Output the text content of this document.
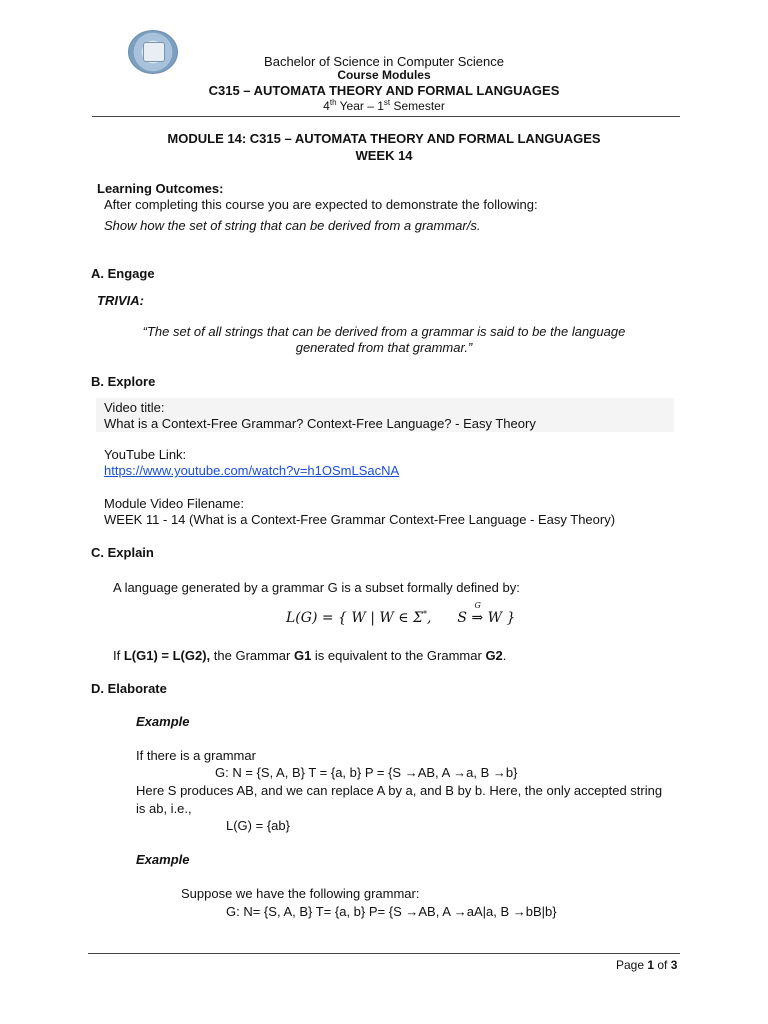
Bachelor of Science in Computer Science
Course Modules
C315 – AUTOMATA THEORY AND FORMAL LANGUAGES
4th Year – 1st Semester
MODULE 14: C315 – AUTOMATA THEORY AND FORMAL LANGUAGES
WEEK 14
Learning Outcomes:
After completing this course you are expected to demonstrate the following:
Show how the set of string that can be derived from a grammar/s.
A. Engage
TRIVIA:
“The set of all strings that can be derived from a grammar is said to be the language
generated from that grammar.”
B. Explore
Video title:
What is a Context-Free Grammar? Context-Free Language? - Easy Theory
YouTube Link:
https://www.youtube.com/watch?v=h1OSmLSacNA
Module Video Filename:
WEEK 11 - 14 (What is a Context-Free Grammar Context-Free Language - Easy Theory)
C. Explain
A language generated by a grammar G is a subset formally defined by:
L(G) = { W | W ∈ Σ*, S
G
⇒ W }
If L(G1) = L(G2), the Grammar G1 is equivalent to the Grammar G2.
D. Elaborate
Example
If there is a grammar
G: N = {S, A, B} T = {a, b} P = {S →AB, A →a, B →b}
Here S produces AB, and we can replace A by a, and B by b. Here, the only accepted string
is ab, i.e.,
L(G) = {ab}
Example
Suppose we have the following grammar:
G: N= {S, A, B} T= {a, b} P= {S →AB, A →aA|a, B →bB|b}
Page 1 of 3
